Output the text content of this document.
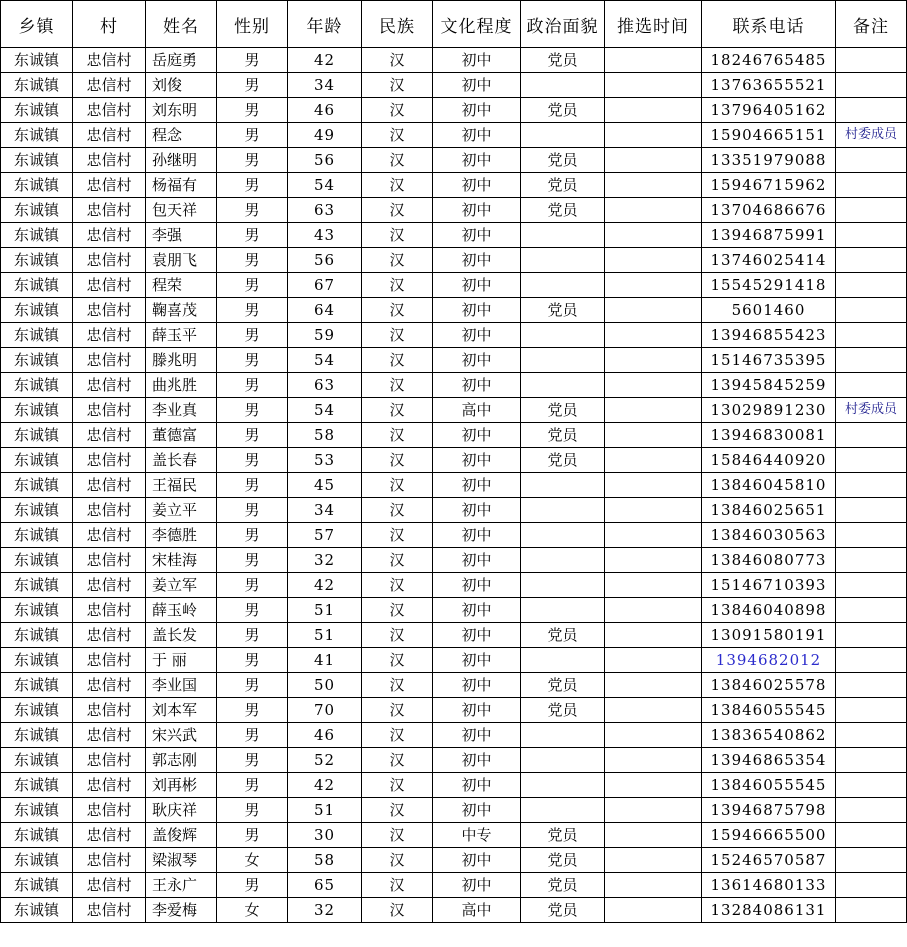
乡镇	村	姓名	性别	年龄	民族	文化程度	政治面貌	推选时间	联系电话	备注
东诚镇	忠信村	岳庭勇	男	42	汉	初中	党员		18246765485	
东诚镇	忠信村	刘俊	男	34	汉	初中			13763655521	
东诚镇	忠信村	刘东明	男	46	汉	初中	党员		13796405162	
东诚镇	忠信村	程念	男	49	汉	初中			15904665151	村委成员
东诚镇	忠信村	孙继明	男	56	汉	初中	党员		13351979088	
东诚镇	忠信村	杨福有	男	54	汉	初中	党员		15946715962	
东诚镇	忠信村	包天祥	男	63	汉	初中	党员		13704686676	
东诚镇	忠信村	李强	男	43	汉	初中			13946875991	
东诚镇	忠信村	袁朋飞	男	56	汉	初中			13746025414	
东诚镇	忠信村	程荣	男	67	汉	初中			15545291418	
东诚镇	忠信村	鞠喜茂	男	64	汉	初中	党员		5601460	
东诚镇	忠信村	薛玉平	男	59	汉	初中			13946855423	
东诚镇	忠信村	滕兆明	男	54	汉	初中			15146735395	
东诚镇	忠信村	曲兆胜	男	63	汉	初中			13945845259	
东诚镇	忠信村	李业真	男	54	汉	高中	党员		13029891230	村委成员
东诚镇	忠信村	董德富	男	58	汉	初中	党员		13946830081	
东诚镇	忠信村	盖长春	男	53	汉	初中	党员		15846440920	
东诚镇	忠信村	王福民	男	45	汉	初中			13846045810	
东诚镇	忠信村	姜立平	男	34	汉	初中			13846025651	
东诚镇	忠信村	李德胜	男	57	汉	初中			13846030563	
东诚镇	忠信村	宋桂海	男	32	汉	初中			13846080773	
东诚镇	忠信村	姜立军	男	42	汉	初中			15146710393	
东诚镇	忠信村	薛玉岭	男	51	汉	初中			13846040898	
东诚镇	忠信村	盖长发	男	51	汉	初中	党员		13091580191	
东诚镇	忠信村	于 丽	男	41	汉	初中			1394682012	
东诚镇	忠信村	李业国	男	50	汉	初中	党员		13846025578	
东诚镇	忠信村	刘本军	男	70	汉	初中	党员		13846055545	
东诚镇	忠信村	宋兴武	男	46	汉	初中			13836540862	
东诚镇	忠信村	郭志刚	男	52	汉	初中			13946865354	
东诚镇	忠信村	刘再彬	男	42	汉	初中			13846055545	
东诚镇	忠信村	耿庆祥	男	51	汉	初中			13946875798	
东诚镇	忠信村	盖俊辉	男	30	汉	中专	党员		15946665500	
东诚镇	忠信村	梁淑琴	女	58	汉	初中	党员		15246570587	
东诚镇	忠信村	王永广	男	65	汉	初中	党员		13614680133	
东诚镇	忠信村	李爱梅	女	32	汉	高中	党员		13284086131	
